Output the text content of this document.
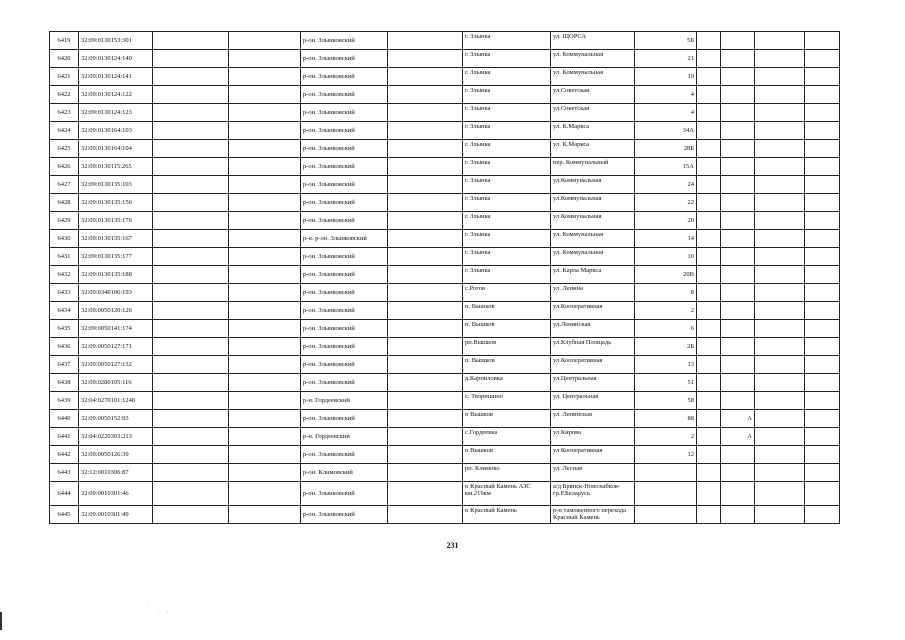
6419	32:09:0130153:301			р-он. Злынковский		г. Злынка	ул. ЩОРСА	5Б				
6420	32:09:0130124:140			р-он. Злынковский		г. Злынка	ул. Коммунальная	21				
6421	32:09:0130124:141			р-он. Злынковский		г. Злынка	ул. Коммунальная	19				
6422	32:09:0130124:122			р-он. Злынковский		г. Злынка	ул.Советская	4				
6423	32:09:0130124:123			р-он. Злынковский		г. Злынка	ул.Советская	4				
6424	32:09:0130164:103			р-он. Злынковский		г. Злынка	ул. К.Маркса	34А				
6425	32:09:0130164:104			р-он. Злынковский		г. Злынка	ул. К.Маркса	28Б				
6426	32:09:0130115:265			р-он. Злынковский		г. Злынка	пер. Коммунальный	15А				
6427	32:09:0130135:103			р-он. Злынковский		г. Злынка	ул.Коммунальная	24				
6428	32:09:0130135:156			р-он. Злынковский		г. Злынка	ул.Коммунальная	22				
6429	32:09:0130135:176			р-он. Злынковский		г. Злынка	ул.Коммунальная	20				
6430	32:09:0130135:167			р-н. р-он. Злынковский		г. Злынка	ул. Коммунальная	14				
6431	32:09:0130135:177			р-он. Злынковский		г. Злынка	ул. Коммунальная	10				
6432	32:09:0130135:188			р-он. Злынковский		г. Злынка	ул. Карла Маркса	20В				
6433	32:09:0340106:193			р-он. Злынковский		с.Рогов	ул. Ленина	8				
6434	32:09:0050120:126			р-он. Злынковский		п. Вышков	ул.Кооперативная	2				
6435	32:09:0050141:174			р-он. Злынковский		п. Вышков	ул.Ленинская	6				
6436	32:09:0050127:171			р-он. Злынковский		рп.Вышков	ул.Клубная Площадь	2Б				
6437	32:09:0050127:132			р-он. Злынковский		п. Вышков	ул.Кооперативная	13				
6438	32:09:0280105:116			р-он. Злынковский		д.Карпиловка	ул.Центральная	51				
6439	32:04:0270101:1248			р-н. Гордеевский		с. Творишино	ул. Центральная	58				
6440	32:09:0050152:93			р-он. Злынковский		п Вышков	ул. Ленинская	88		А		
6441	32:04:0220303:213			р-н. Гордеевский		с.Гордеевка	ул.Кирова	2		А		
6442	32:09:0050126:39			р-он. Злынковский		п Вышков	ул Кооперативная	12				
6443	32:12:0010306:87			р-он. Климовский		рп. Климово	ул. Лесная					
6444	32:09:0010301:46			р-он. Злынковский		п Красный Камень АЗС км.219км	а/д Брянск-Новозыбков-гр.Р.Беларусь					
6445	32:09:0010301:49			р-он. Злынковский		п Красный Камень	р-н таможенного перехода Красный Камень					
231
` . .
